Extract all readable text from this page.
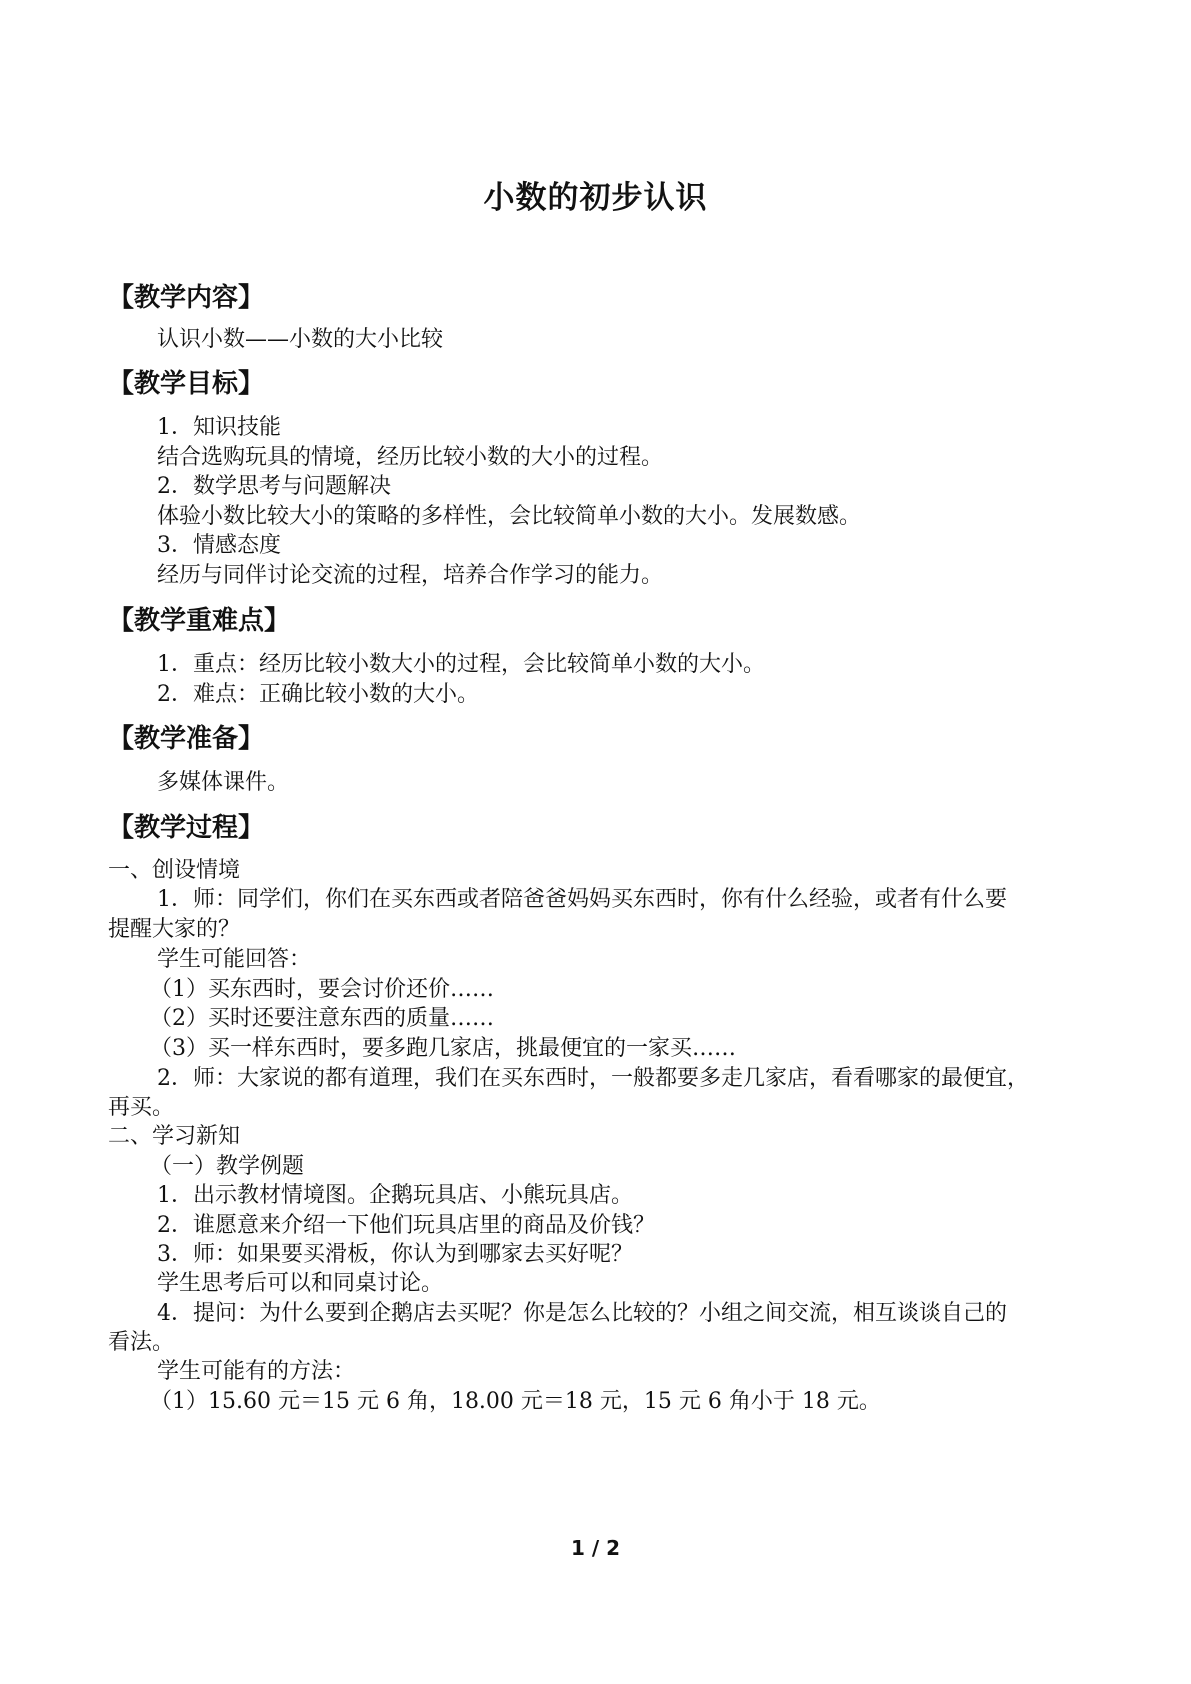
小数的初步认识
【教学内容】
认识小数——小数的大小比较
【教学目标】
1．知识技能
结合选购玩具的情境，经历比较小数的大小的过程。
2．数学思考与问题解决
体验小数比较大小的策略的多样性，会比较简单小数的大小。发展数感。
3．情感态度
经历与同伴讨论交流的过程，培养合作学习的能力。
【教学重难点】
1．重点：经历比较小数大小的过程，会比较简单小数的大小。
2．难点：正确比较小数的大小。
【教学准备】
多媒体课件。
【教学过程】
一、创设情境
1．师：同学们，你们在买东西或者陪爸爸妈妈买东西时，你有什么经验，或者有什么要
提醒大家的？
学生可能回答：
（1）买东西时，要会讨价还价……
（2）买时还要注意东西的质量……
（3）买一样东西时，要多跑几家店，挑最便宜的一家买……
2．师：大家说的都有道理，我们在买东西时，一般都要多走几家店，看看哪家的最便宜，
再买。
二、学习新知
（一）教学例题
1．出示教材情境图。企鹅玩具店、小熊玩具店。
2．谁愿意来介绍一下他们玩具店里的商品及价钱？
3．师：如果要买滑板，你认为到哪家去买好呢？
学生思考后可以和同桌讨论。
4．提问：为什么要到企鹅店去买呢？你是怎么比较的？小组之间交流，相互谈谈自己的
看法。
学生可能有的方法：
（1）15.60 元＝15 元 6 角，18.00 元＝18 元，15 元 6 角小于 18 元。
1 / 2
